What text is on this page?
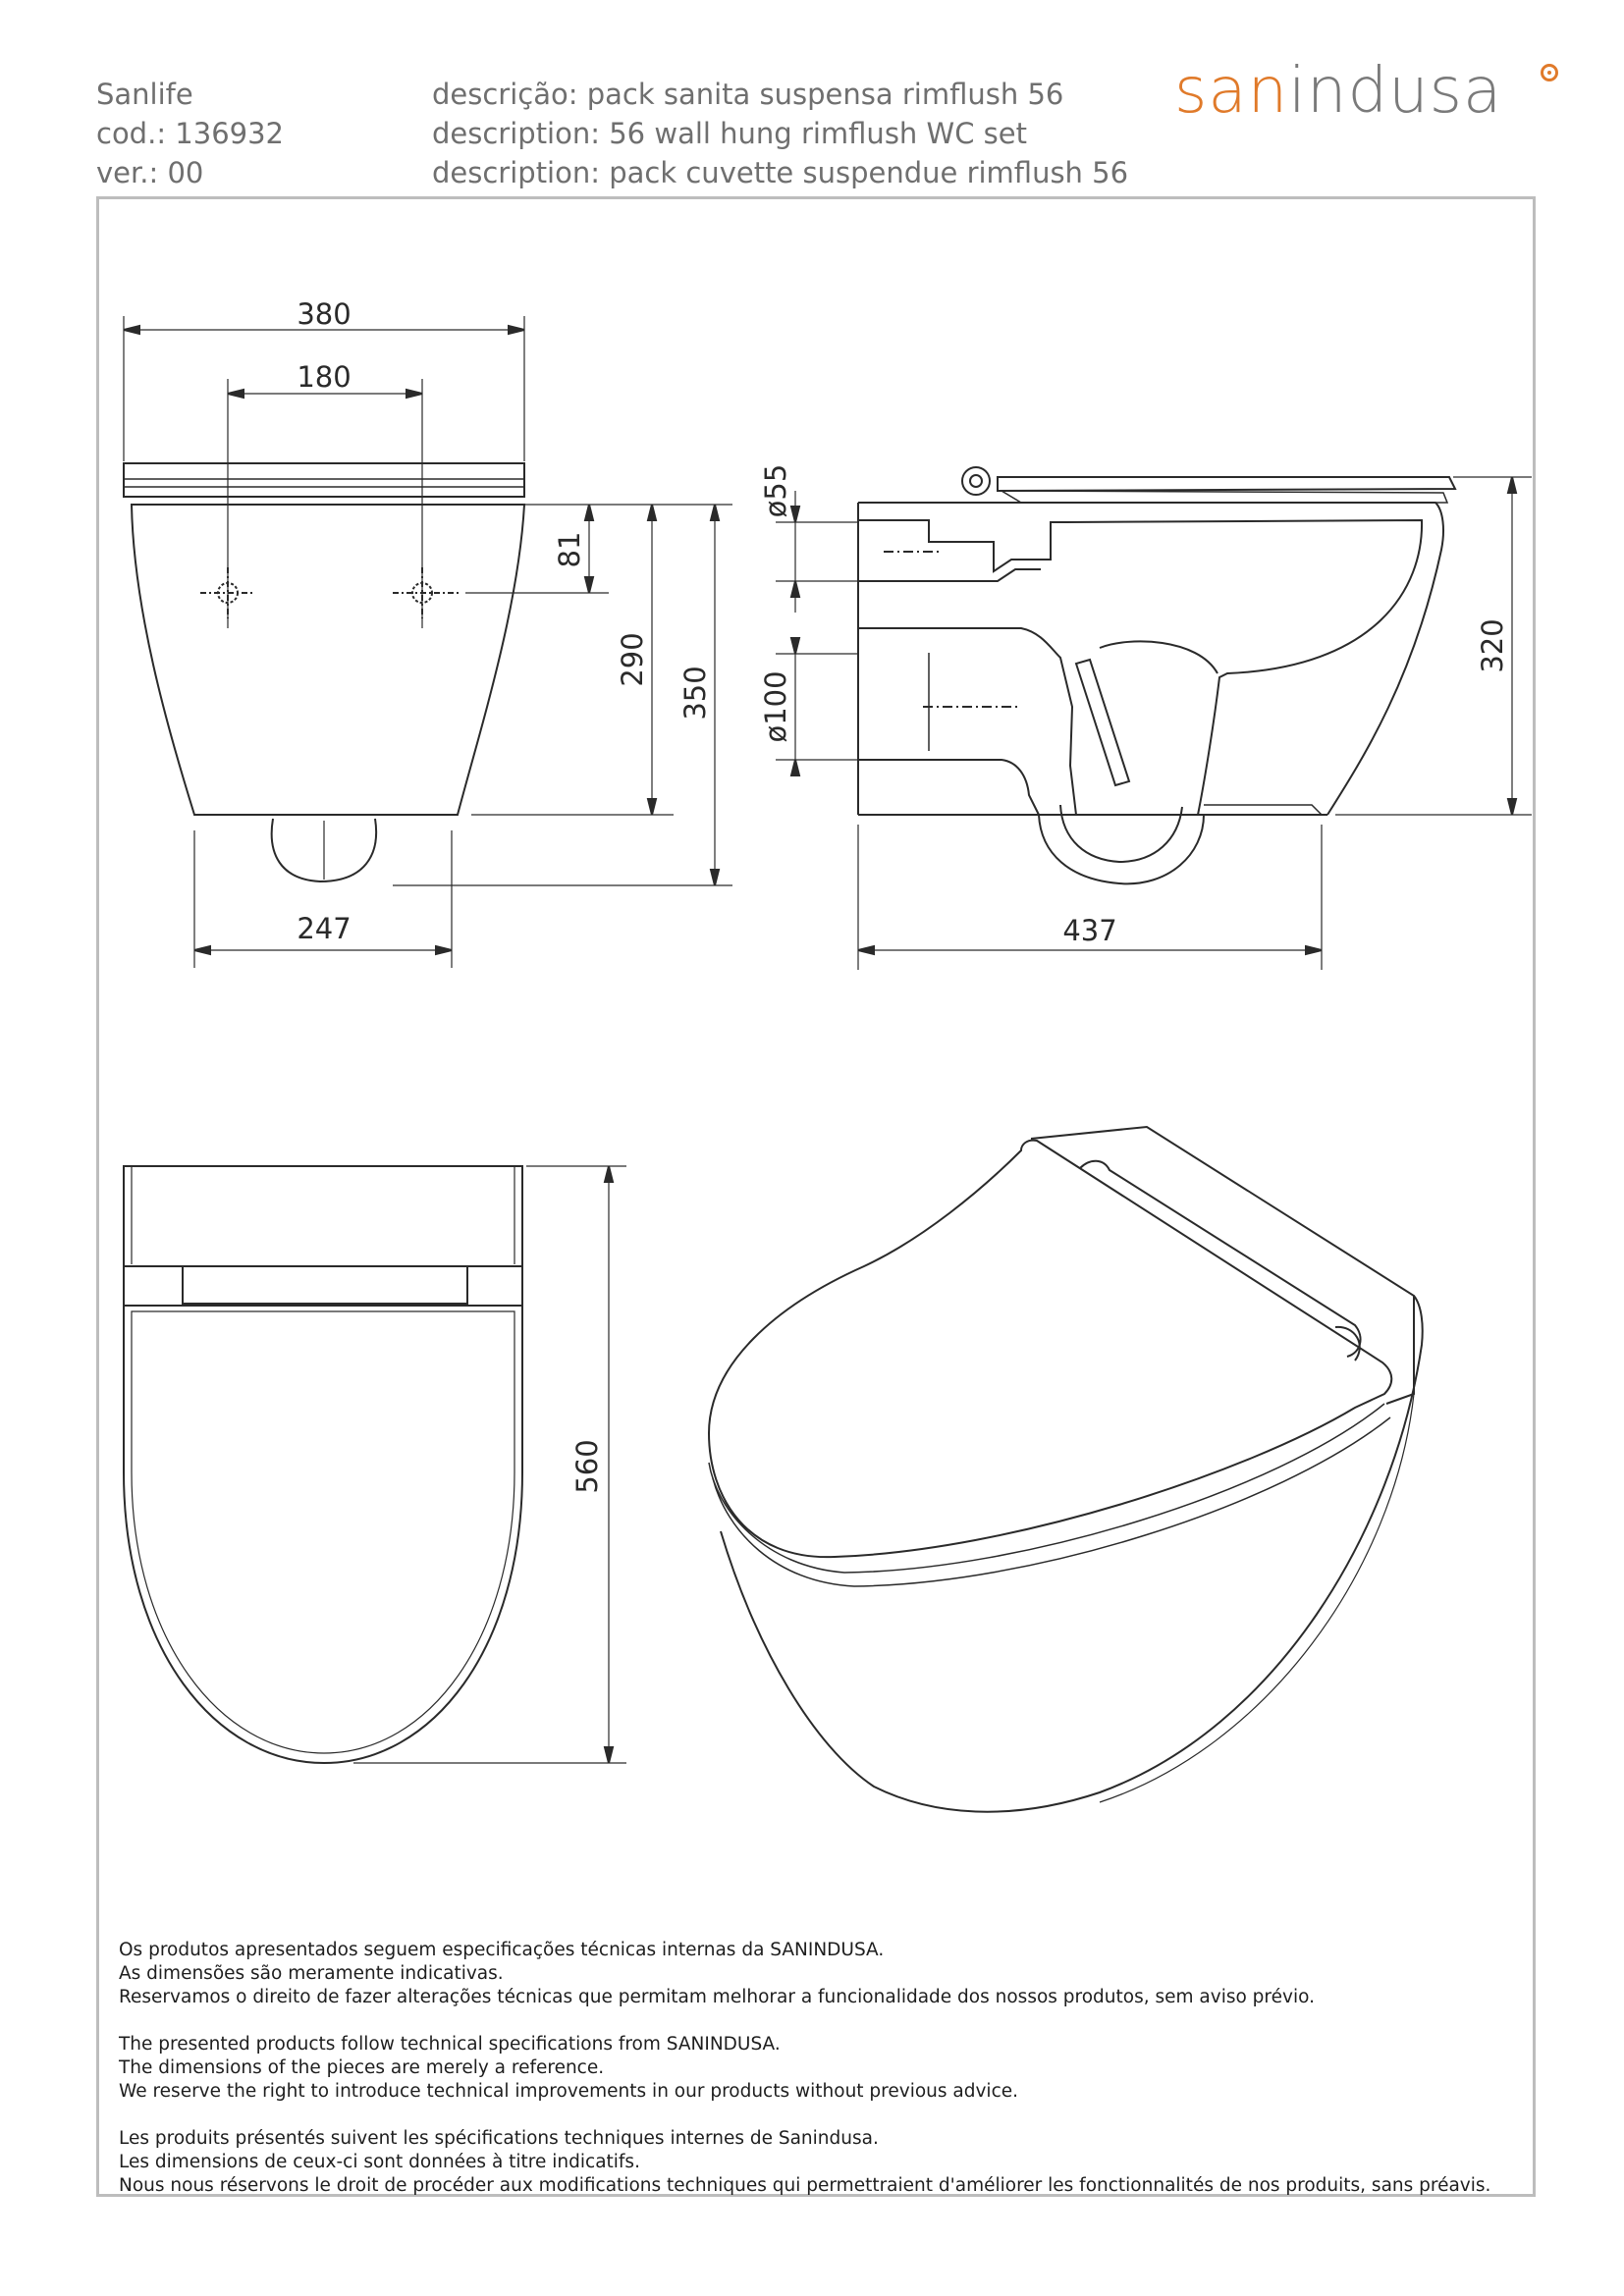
Sanlife
cod.: 136932
ver.: 00
descrição: pack sanita suspensa rimflush 56
description: 56 wall hung rimflush WC set
description: pack cuvette suspendue rimflush 56
sanindusa
380
180
81
290
350
247
ø55
ø100
320
437
560

Os produtos apresentados seguem especificações técnicas internas da SANINDUSA.
As dimensões são meramente indicativas.
Reservamos o direito de fazer alterações técnicas que permitam melhorar a funcionalidade dos nossos produtos, sem aviso prévio.

The presented products follow technical specifications from SANINDUSA.
The dimensions of the pieces are merely a reference.
We reserve the right to introduce technical improvements in our products without previous advice.

Les produits présentés suivent les spécifications techniques internes de Sanindusa.
Les dimensions de ceux-ci sont données à titre indicatifs.
Nous nous réservons le droit de procéder aux modifications techniques qui permettraient d'améliorer les fonctionnalités de nos produits, sans préavis.
